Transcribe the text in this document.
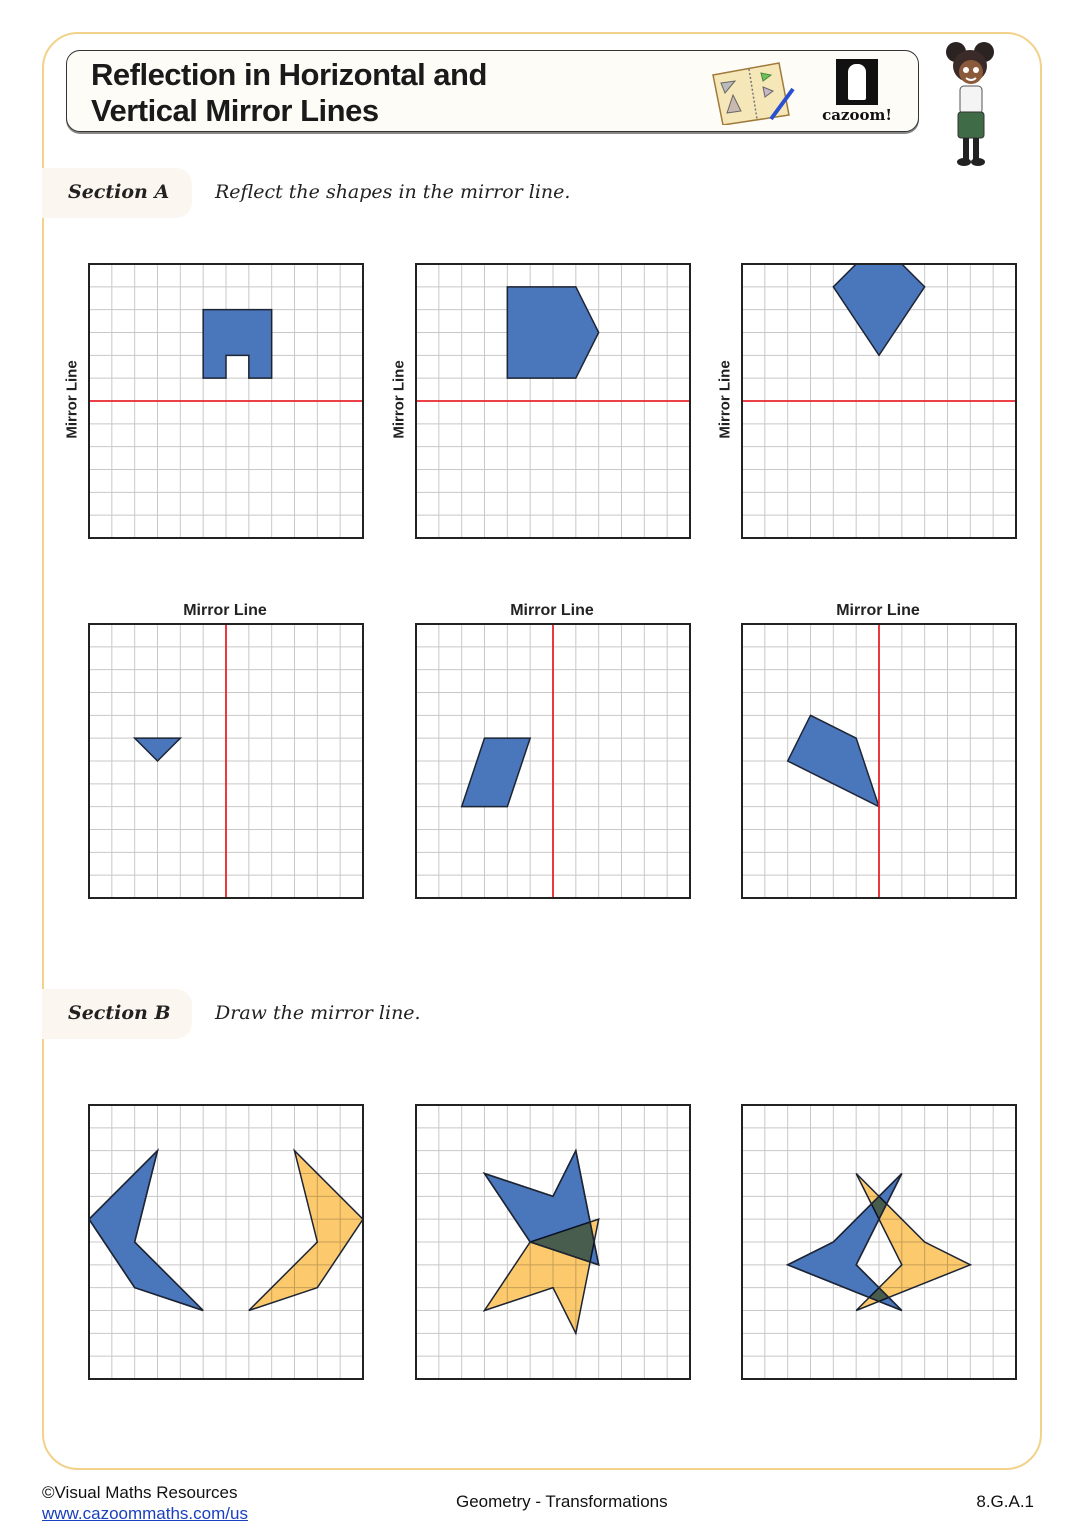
Reflection in Horizontal and
Vertical Mirror Lines	cazoom!
Section A Reflect the shapes in the mirror line.
Mirror Line	Mirror Line	Mirror Line
Mirror Line	Mirror Line	Mirror Line
Section B Draw the mirror line.
©Visual Maths Resources
www.cazoommaths.com/us
Geometry - Transformations	8.G.A.1
